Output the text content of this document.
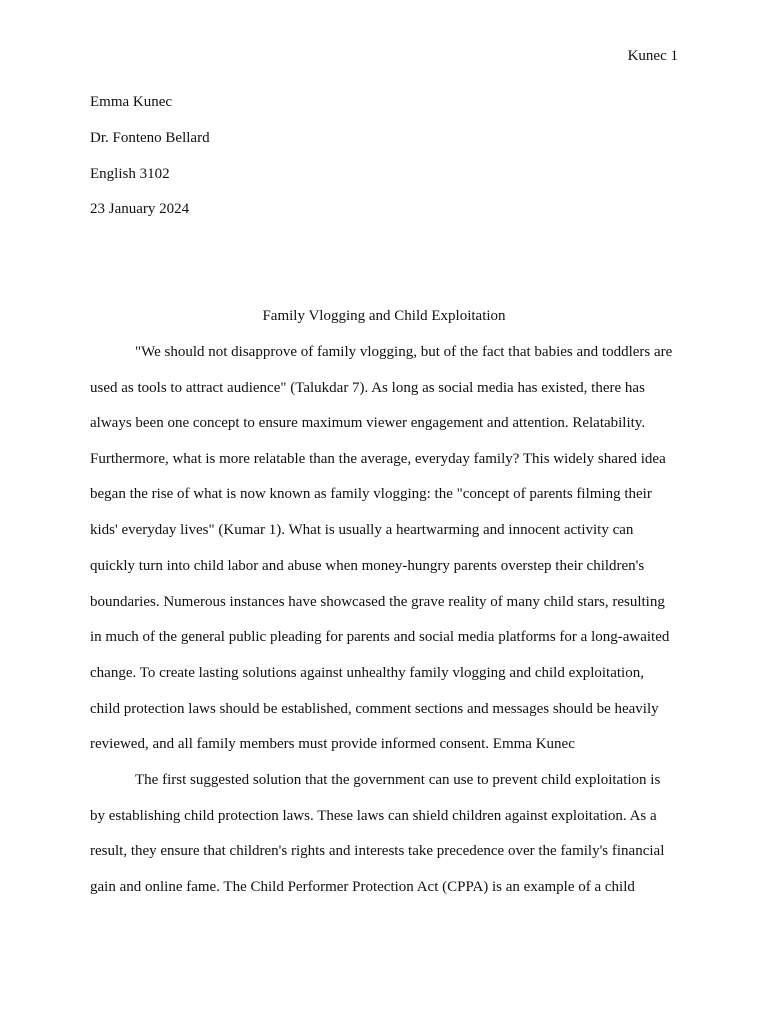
Kunec 1
Emma Kunec
Dr. Fonteno Bellard
English 3102
23 January 2024
Family Vlogging and Child Exploitation
"We should not disapprove of family vlogging, but of the fact that babies and toddlers are
used as tools to attract audience" (Talukdar 7). As long as social media has existed, there has
always been one concept to ensure maximum viewer engagement and attention. Relatability.
Furthermore, what is more relatable than the average, everyday family? This widely shared idea
began the rise of what is now known as family vlogging: the "concept of parents filming their
kids' everyday lives" (Kumar 1). What is usually a heartwarming and innocent activity can
quickly turn into child labor and abuse when money-hungry parents overstep their children's
boundaries. Numerous instances have showcased the grave reality of many child stars, resulting
in much of the general public pleading for parents and social media platforms for a long-awaited
change. To create lasting solutions against unhealthy family vlogging and child exploitation,
child protection laws should be established, comment sections and messages should be heavily
reviewed, and all family members must provide informed consent. Emma Kunec
The first suggested solution that the government can use to prevent child exploitation is
by establishing child protection laws. These laws can shield children against exploitation. As a
result, they ensure that children's rights and interests take precedence over the family's financial
gain and online fame. The Child Performer Protection Act (CPPA) is an example of a child
